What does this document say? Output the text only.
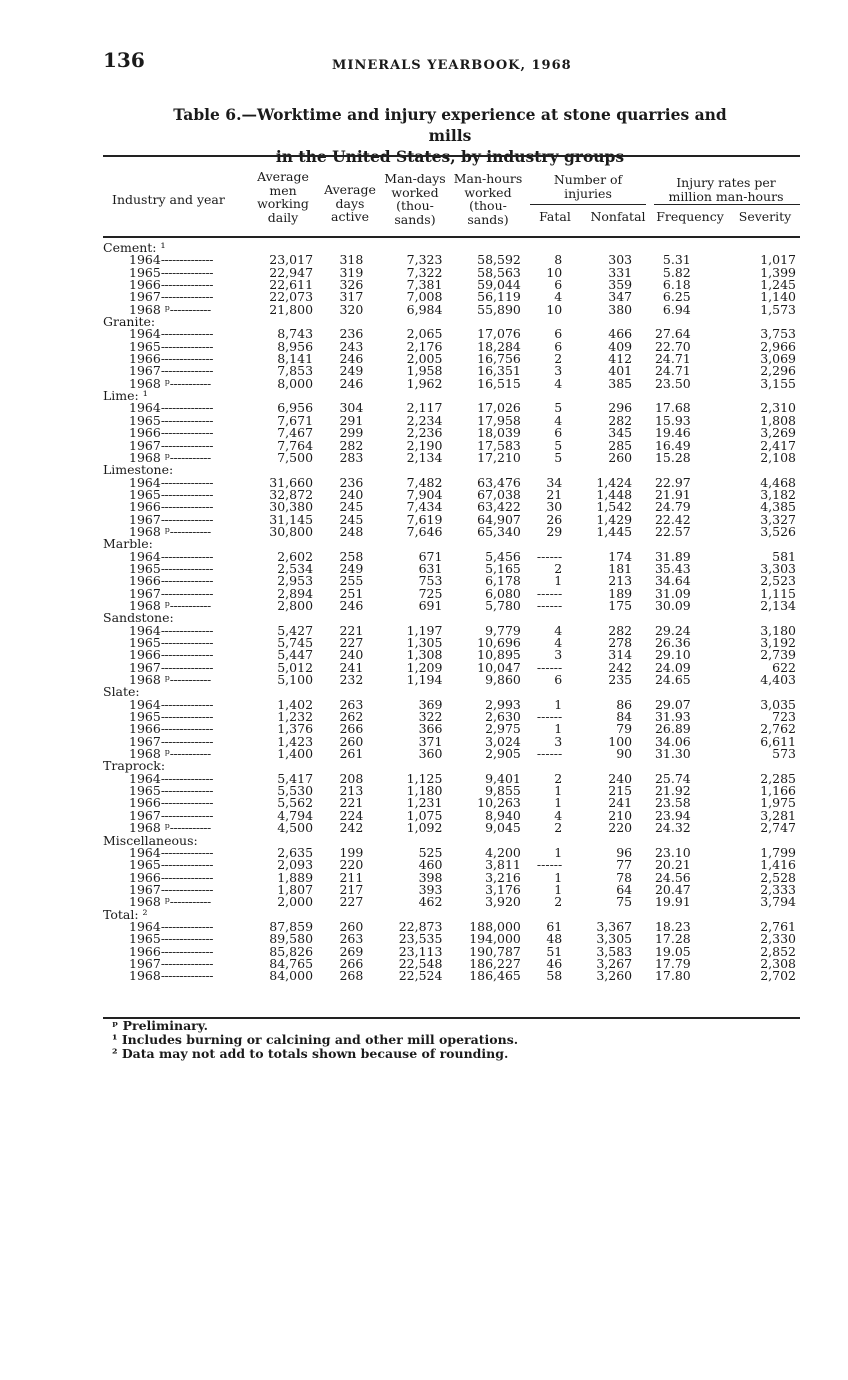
136	MINERALS YEARBOOK, 1968
Table 6.—Worktime and injury experience at stone quarries and mills
in the United States, by industry groups
Industry and year
Average
men
working
daily
Average
days
active
Man-days
worked
(thou-
sands)
Man-hours
worked
(thou-
sands)
Number of
injuries
Fatal	Nonfatal
Injury rates per
million man-hours
Frequency	Severity
Cement: ¹								
1964--------------	23,017	318	7,323	58,592	8	303	5.31	1,017
1965--------------	22,947	319	7,322	58,563	10	331	5.82	1,399
1966--------------	22,611	326	7,381	59,044	6	359	6.18	1,245
1967--------------	22,073	317	7,008	56,119	4	347	6.25	1,140
1968 ᵖ-----------	21,800	320	6,984	55,890	10	380	6.94	1,573
Granite:								
1964--------------	8,743	236	2,065	17,076	6	466	27.64	3,753
1965--------------	8,956	243	2,176	18,284	6	409	22.70	2,966
1966--------------	8,141	246	2,005	16,756	2	412	24.71	3,069
1967--------------	7,853	249	1,958	16,351	3	401	24.71	2,296
1968 ᵖ-----------	8,000	246	1,962	16,515	4	385	23.50	3,155
Lime: ¹								
1964--------------	6,956	304	2,117	17,026	5	296	17.68	2,310
1965--------------	7,671	291	2,234	17,958	4	282	15.93	1,808
1966--------------	7,467	299	2,236	18,039	6	345	19.46	3,269
1967--------------	7,764	282	2,190	17,583	5	285	16.49	2,417
1968 ᵖ-----------	7,500	283	2,134	17,210	5	260	15.28	2,108
Limestone:								
1964--------------	31,660	236	7,482	63,476	34	1,424	22.97	4,468
1965--------------	32,872	240	7,904	67,038	21	1,448	21.91	3,182
1966--------------	30,380	245	7,434	63,422	30	1,542	24.79	4,385
1967--------------	31,145	245	7,619	64,907	26	1,429	22.42	3,327
1968 ᵖ-----------	30,800	248	7,646	65,340	29	1,445	22.57	3,526
Marble:								
1964--------------	2,602	258	671	5,456	------	174	31.89	581
1965--------------	2,534	249	631	5,165	2	181	35.43	3,303
1966--------------	2,953	255	753	6,178	1	213	34.64	2,523
1967--------------	2,894	251	725	6,080	------	189	31.09	1,115
1968 ᵖ-----------	2,800	246	691	5,780	------	175	30.09	2,134
Sandstone:								
1964--------------	5,427	221	1,197	9,779	4	282	29.24	3,180
1965--------------	5,745	227	1,305	10,696	4	278	26.36	3,192
1966--------------	5,447	240	1,308	10,895	3	314	29.10	2,739
1967--------------	5,012	241	1,209	10,047	------	242	24.09	622
1968 ᵖ-----------	5,100	232	1,194	9,860	6	235	24.65	4,403
Slate:								
1964--------------	1,402	263	369	2,993	1	86	29.07	3,035
1965--------------	1,232	262	322	2,630	------	84	31.93	723
1966--------------	1,376	266	366	2,975	1	79	26.89	2,762
1967--------------	1,423	260	371	3,024	3	100	34.06	6,611
1968 ᵖ-----------	1,400	261	360	2,905	------	90	31.30	573
Traprock:								
1964--------------	5,417	208	1,125	9,401	2	240	25.74	2,285
1965--------------	5,530	213	1,180	9,855	1	215	21.92	1,166
1966--------------	5,562	221	1,231	10,263	1	241	23.58	1,975
1967--------------	4,794	224	1,075	8,940	4	210	23.94	3,281
1968 ᵖ-----------	4,500	242	1,092	9,045	2	220	24.32	2,747
Miscellaneous:								
1964--------------	2,635	199	525	4,200	1	96	23.10	1,799
1965--------------	2,093	220	460	3,811	------	77	20.21	1,416
1966--------------	1,889	211	398	3,216	1	78	24.56	2,528
1967--------------	1,807	217	393	3,176	1	64	20.47	2,333
1968 ᵖ-----------	2,000	227	462	3,920	2	75	19.91	3,794
Total: ²								
1964--------------	87,859	260	22,873	188,000	61	3,367	18.23	2,761
1965--------------	89,580	263	23,535	194,000	48	3,305	17.28	2,330
1966--------------	85,826	269	23,113	190,787	51	3,583	19.05	2,852
1967--------------	84,765	266	22,548	186,227	46	3,267	17.79	2,308
1968--------------	84,000	268	22,524	186,465	58	3,260	17.80	2,702
ᵖ Preliminary.
¹ Includes burning or calcining and other mill operations.
² Data may not add to totals shown because of rounding.
